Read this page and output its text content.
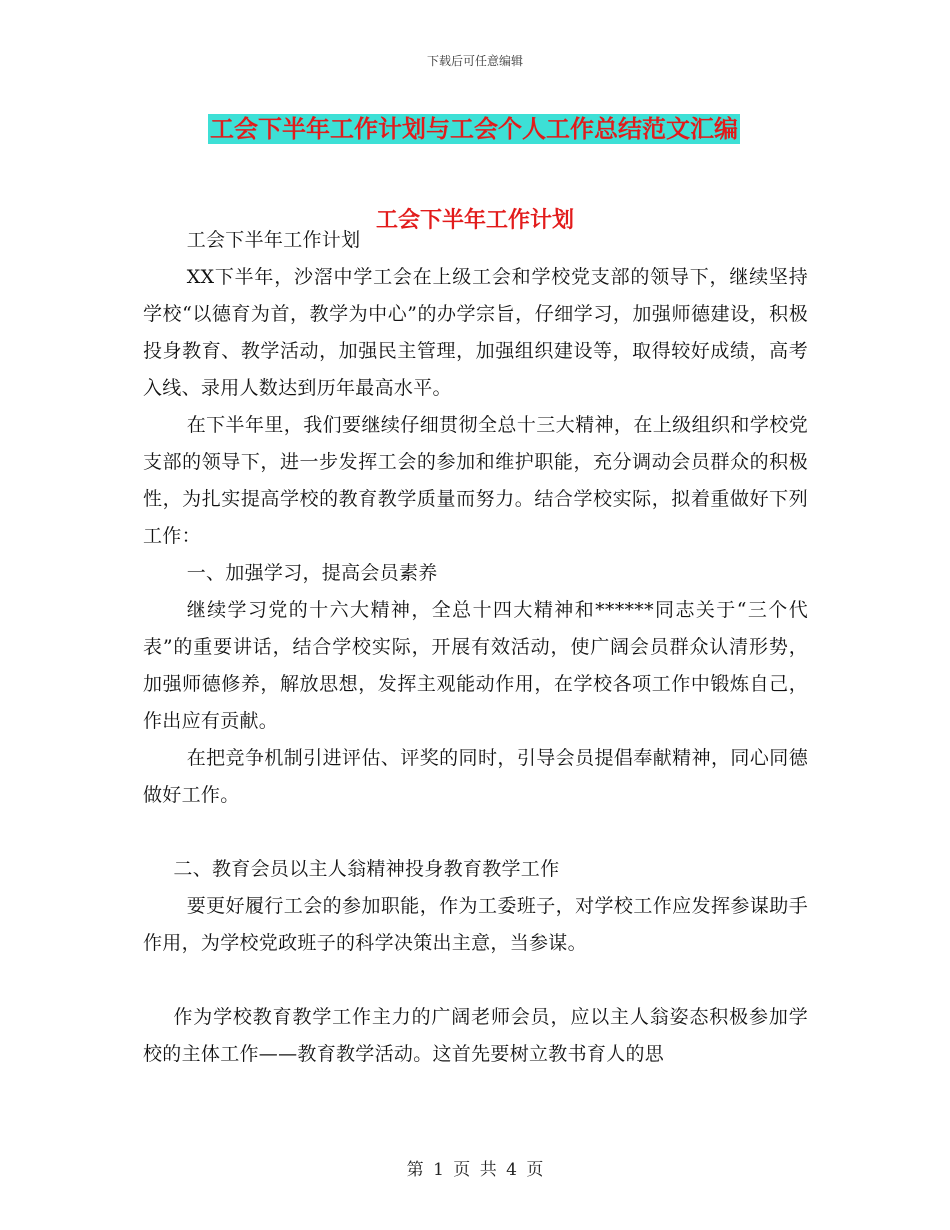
下载后可任意编辑
工会下半年工作计划与工会个人工作总结范文汇编
工会下半年工作计划

工会下半年工作计划

XX下半年，沙滘中学工会在上级工会和学校党支部的领导下，继续坚持学校“以德育为首，教学为中心”的办学宗旨，仔细学习，加强师德建设，积极投身教育、教学活动，加强民主管理，加强组织建设等，取得较好成绩，高考入线、录用人数达到历年最高水平。

在下半年里，我们要继续仔细贯彻全总十三大精神，在上级组织和学校党支部的领导下，进一步发挥工会的参加和维护职能，充分调动会员群众的积极性，为扎实提高学校的教育教学质量而努力。结合学校实际，拟着重做好下列工作：

一、加强学习，提高会员素养

继续学习党的十六大精神，全总十四大精神和******同志关于“三个代表”的重要讲话，结合学校实际，开展有效活动，使广阔会员群众认清形势，加强师德修养，解放思想，发挥主观能动作用，在学校各项工作中锻炼自己，作出应有贡献。

在把竞争机制引进评估、评奖的同时，引导会员提倡奉献精神，同心同德做好工作。

二、教育会员以主人翁精神投身教育教学工作

要更好履行工会的参加职能，作为工委班子，对学校工作应发挥参谋助手作用，为学校党政班子的科学决策出主意，当参谋。

作为学校教育教学工作主力的广阔老师会员，应以主人翁姿态积极参加学校的主体工作——教育教学活动。这首先要树立教书育人的思

第 1 页 共 4 页
